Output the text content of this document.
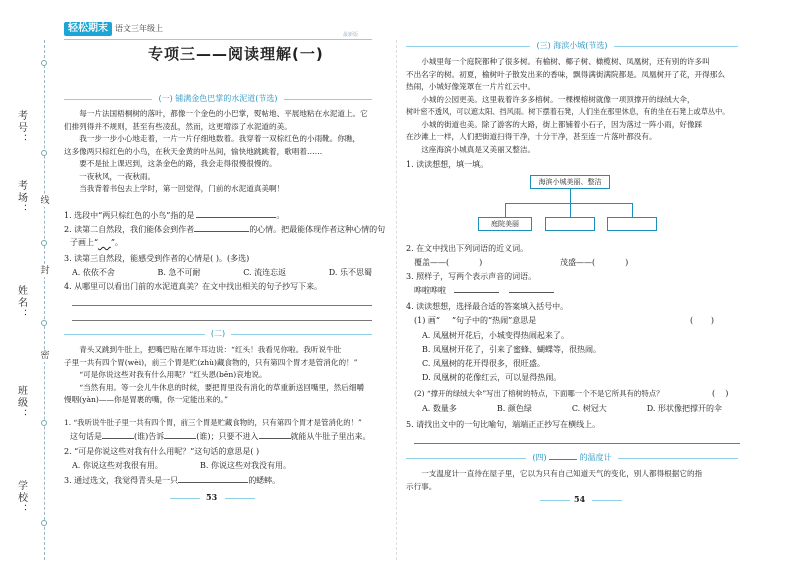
考号：
考场：
姓名：
班级：
学校：
线
封
密
轻松期末 语文三年级上
最新版
专项三——阅读理解(一)
(一) 铺满金色巴掌的水泥道(节选)

每一片法国梧桐树的落叶，都像一个金色的小巴掌，熨帖地、平展地粘在水泥道上。它

们排列得并不规则，甚至有些凌乱，然而，这更增添了水泥道的美。

我一步一步小心地走着，一片一片仔细地数着。我穿着一双棕红色的小雨靴。你瞧，

这多像两只棕红色的小鸟，在秋天金黄的叶丛间，愉快地跳跳着，歌唱着……

要不是扯上课迟到，这条金色的路，我会走得很慢很慢的。

一夜秋风，一夜秋雨。

当我背着书包去上学时，第一回觉得，门前的水泥道真美啊！

1. 选段中“两只棕红色的小鸟”指的是	。
2. 读第二自然段，我们能体会到作者	的心情。把最能体现作者这种心情的句
子画上“ ”。
3. 读第三自然段，能感受到作者的心情是( )。(多选)
A. 依依不舍	B. 急不可耐	C. 流连忘返	D. 乐不思蜀
4. 从哪里可以看出门前的水泥道真美？在文中找出相关的句子抄写下来。
(二)

青头又跳到牛肚上，把嘴巴贴在犀牛耳边说：“红头！我看见你啦。我听说牛肚

子里一共有四个胃(wèi)，前三个胃是贮(zhù)藏食物的，只有第四个胃才是管消化的！”

“可是你说这些对我有什么用呢？”红头恩(bēn)哀地说。

“当然有用。等一会儿牛休息的时候，要把胃里没有消化的草重新送回嘴里，然后细嚼

慢咽(yàn)——你是胃裹的嘴，你一定能出来的。”

1. “我听说牛肚子里一共有四个胃，前三个胃是贮藏食物的，只有第四个胃才是管消化的！”
这句话是	(谁)告诉	(谁)；只要不进入	就能从牛肚子里出来。
2. “可是你说这些对我有什么用呢？”这句话的意思是( )
A. 你说这些对我很有用。	B. 你说这些对我没有用。
3. 通过选文，我觉得青头是一只	的蟋蟀。
53
(三) 海滨小城(节选)

小城里每一个庭院都种了很多树。有榆树、椰子树、橄榄树、凤凰树，还有别的许多叫

不出名字的树。初夏，榆树叶子散发出来的香味，飘得满街满院都是。凤凰树开了花，开得那么

热闹，小城好像笼罩在一片片红云中。

小城的公园更美。这里栽着许多多榕树。一棵棵榕树就像一项顶撑开的绿绒大伞，

树叶密不透风，可以遮太阳、挡风雨。树下摆着石凳，人们坐在那里休息，有的坐在石凳上或草丛中。

小城的街道也美。除了游客的大路，街上都铺着小石子，因为落过一阵小雨，好像踩

在沙滩上一样，人们把街道扫得干净，十分干净，甚至连一片落叶都没有。

这座海滨小城真是又美丽又整洁。

1. 读读想想，填一填。
海滨小城美丽、整洁
庭院美丽
2. 在文中找出下列词语的近义词。
覆盖——(	)	茂盛——(	)
3. 照样子，写两个表示声音的词语。
哗啦哗啦
4. 读读想想，选择最合适的答案填入括号中。
(1) 画“ ”句子中的“热闹”意思是	(       )
A. 凤凰树开花后，小城变得热闹起来了。
B. 凤凰树开花了，引来了蜜蜂、蝴蝶等，很热闹。
C. 凤凰树的花开得很多，很旺盛。
D. 凤凰树的花像红云，可以显得热闹。
(2) “撑开的绿绒大伞”写出了榕树的特点，下面哪一个不是它所具有的特点？	(    )
A. 数量多	B. 颜色绿	C. 树冠大	D. 形状像把撑开的伞
5. 请找出文中的一句比喻句，端端正正抄写在横线上。
(四)	的温度计

一支温度计一直待在屋子里，它以为只有自己知道天气的变化，别人都得根据它的指

示行事。

54
